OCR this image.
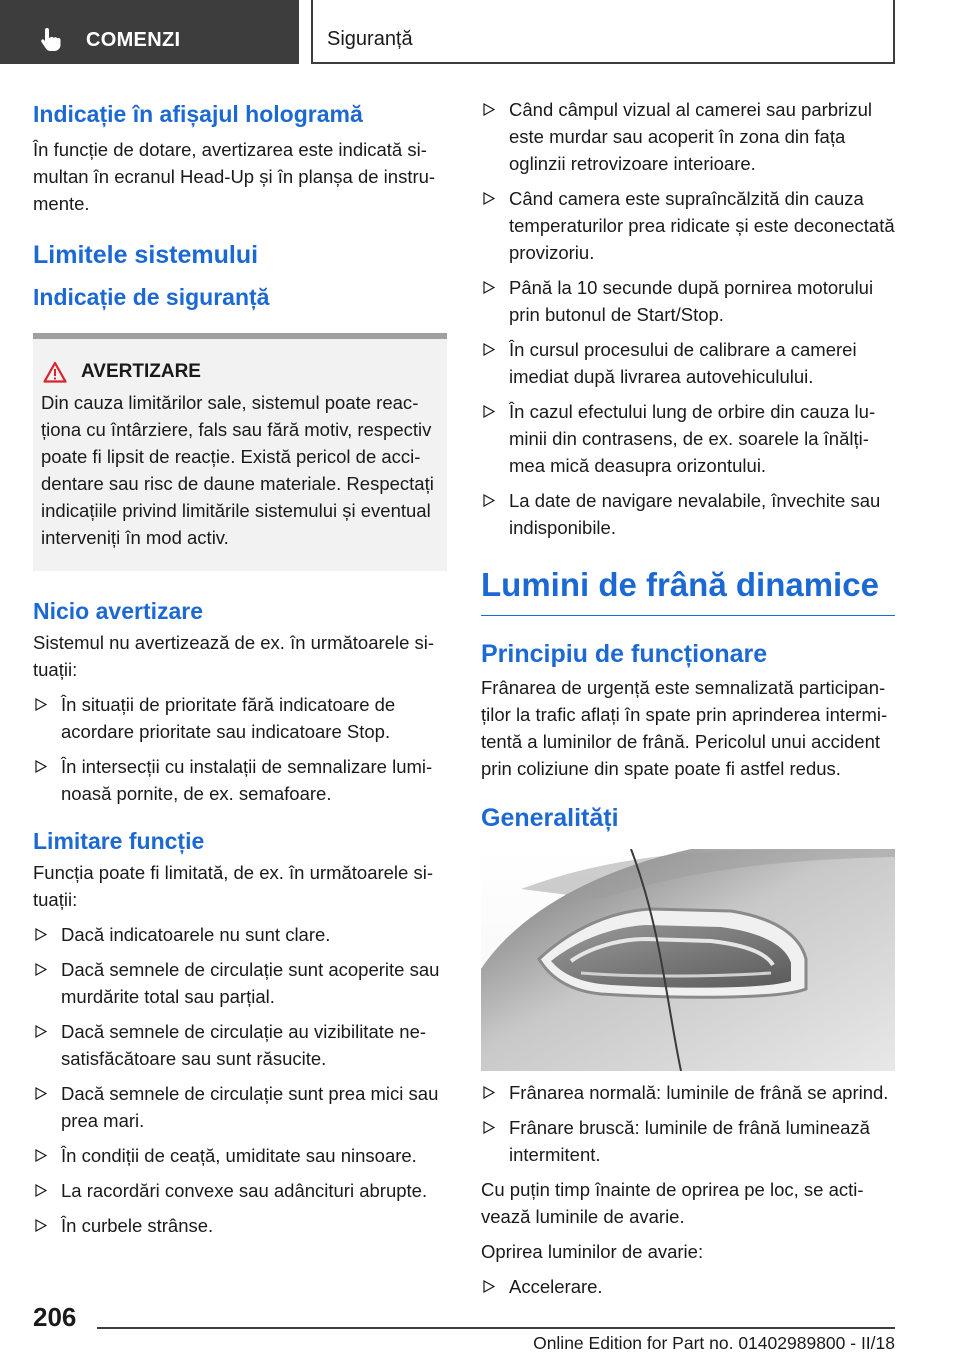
COMENZI	Siguranță
Indicație în afișajul hologramă

În funcție de dotare, avertizarea este indicată simultan în ecranul Head-Up și în planșa de instrumente.

Limitele sistemului
Indicație de siguranță
AVERTIZARE

Din cauza limitărilor sale, sistemul poate reacționa cu întârziere, fals sau fără motiv, respectiv poate fi lipsit de reacție. Există pericol de accidentare sau risc de daune materiale. Respectați indicațiile privind limitările sistemului și eventual interveniți în mod activ.

Nicio avertizare

Sistemul nu avertizează de ex. în următoarele situații:

În situații de prioritate fără indicatoare de acordare prioritate sau indicatoare Stop.
În intersecții cu instalații de semnalizare luminoasă pornite, de ex. semafoare.
Limitare funcție

Funcția poate fi limitată, de ex. în următoarele situații:

Dacă indicatoarele nu sunt clare.
Dacă semnele de circulație sunt acoperite sau murdărite total sau parțial.
Dacă semnele de circulație au vizibilitate nesatisfăcătoare sau sunt răsucite.
Dacă semnele de circulație sunt prea mici sau prea mari.
În condiții de ceață, umiditate sau ninsoare.
La racordări convexe sau adâncituri abrupte.
În curbele strânse.
Când câmpul vizual al camerei sau parbrizul este murdar sau acoperit în zona din fața oglinzii retrovizoare interioare.
Când camera este supraîncălzită din cauza temperaturilor prea ridicate și este deconectată provizoriu.
Până la 10 secunde după pornirea motorului prin butonul de Start/Stop.
În cursul procesului de calibrare a camerei imediat după livrarea autovehiculului.
În cazul efectului lung de orbire din cauza luminii din contrasens, de ex. soarele la înălțimea mică deasupra orizontului.
La date de navigare nevalabile, învechite sau indisponibile.
Lumini de frână dinamice
Principiu de funcționare

Frânarea de urgență este semnalizată participanților la trafic aflați în spate prin aprinderea intermitentă a luminilor de frână. Pericolul unui accident prin coliziune din spate poate fi astfel redus.

Generalități
Frânarea normală: luminile de frână se aprind.
Frânare bruscă: luminile de frână luminează intermitent.

Cu puțin timp înainte de oprirea pe loc, se activează luminile de avarie.

Oprirea luminilor de avarie:

Accelerare.
206
Online Edition for Part no. 01402989800 - II/18
